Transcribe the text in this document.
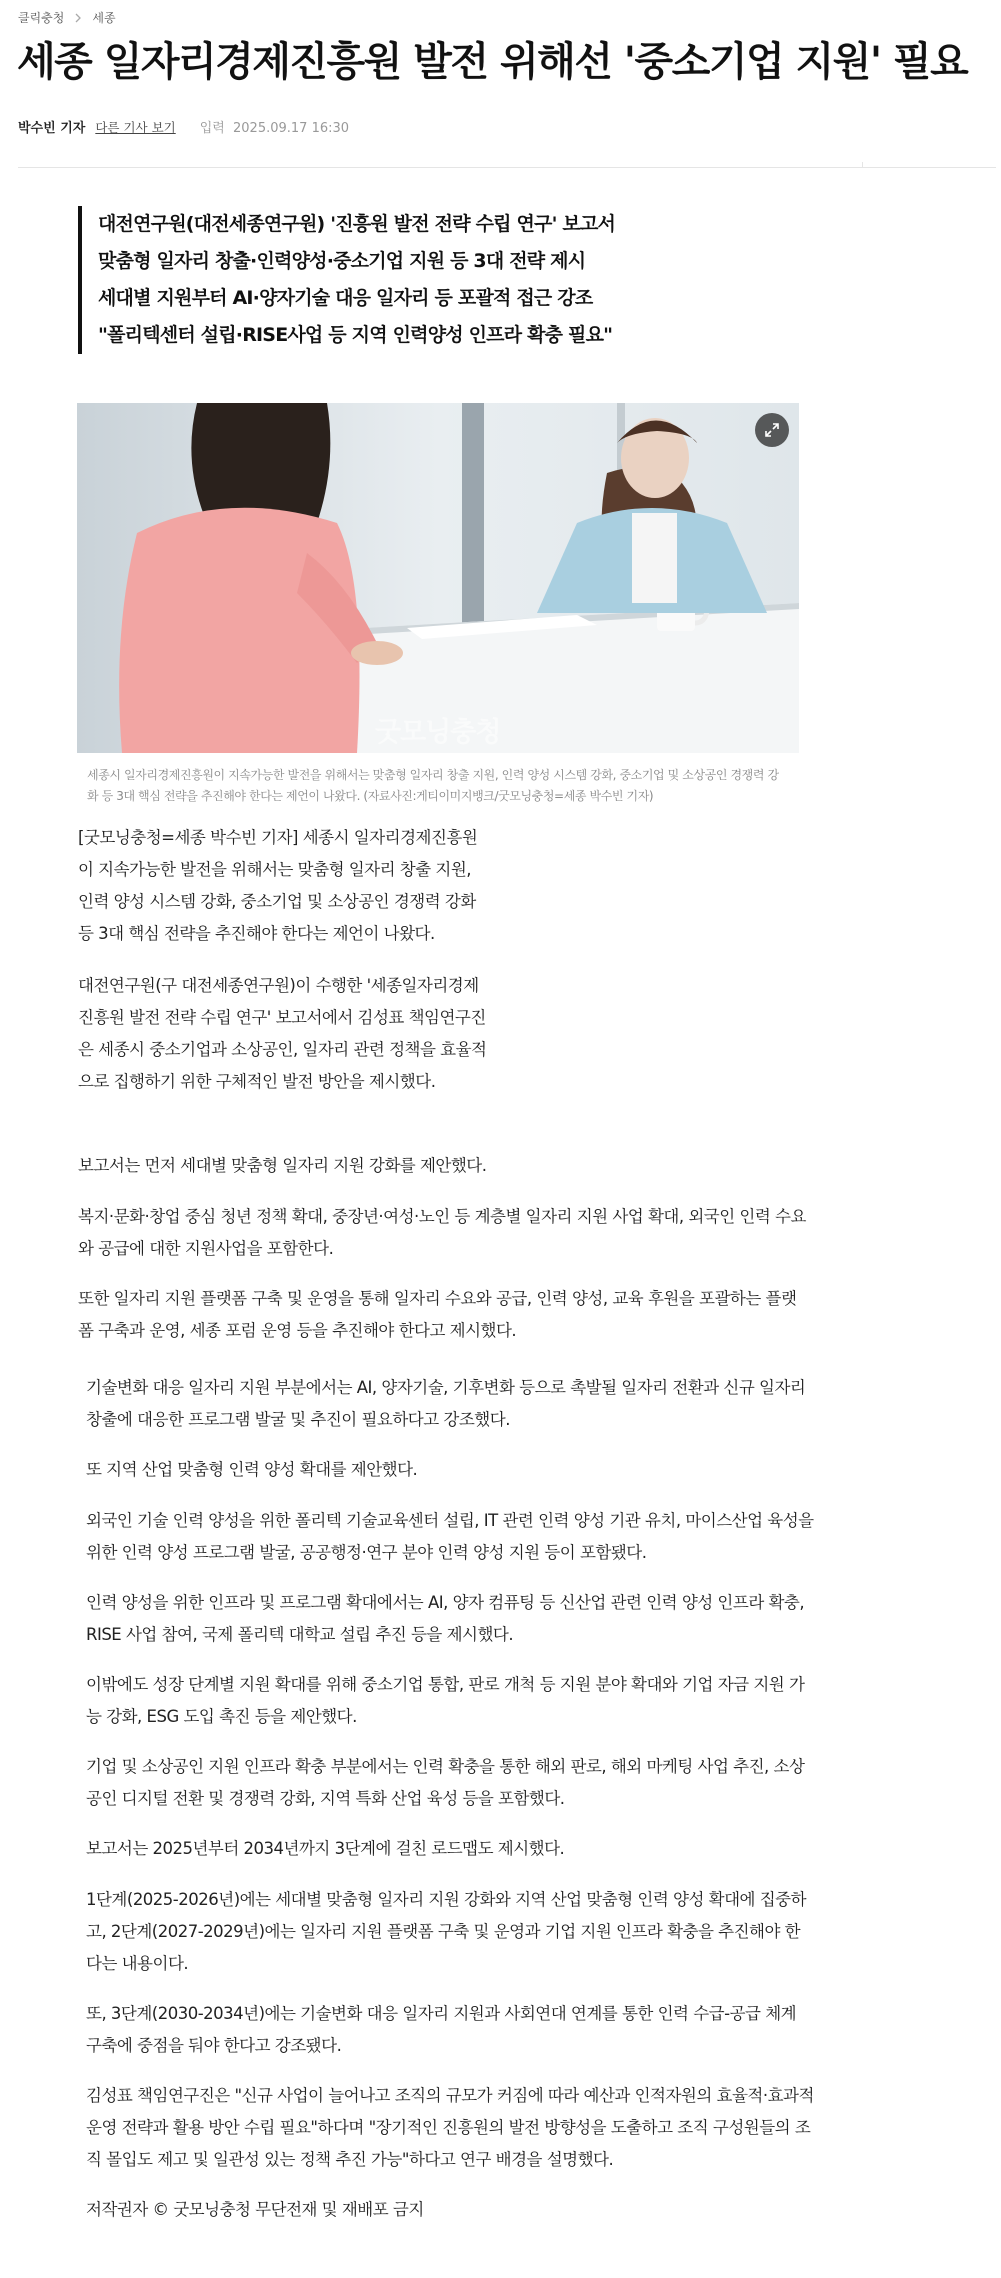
클릭충청 세종
세종 일자리경제진흥원 발전 위해선 '중소기업 지원' 필요
박수빈 기자 다른 기사 보기 입력 2025.09.17 16:30
대전연구원(대전세종연구원) '진흥원 발전 전략 수립 연구' 보고서
맞춤형 일자리 창출·인력양성·중소기업 지원 등 3대 전략 제시
세대별 지원부터 AI·양자기술 대응 일자리 등 포괄적 접근 강조
"폴리텍센터 설립·RISE사업 등 지역 인력양성 인프라 확충 필요"
굿모닝충청
세종시 일자리경제진흥원이 지속가능한 발전을 위해서는 맞춤형 일자리 창출 지원, 인력 양성 시스템 강화, 중소기업 및 소상공인 경쟁력 강화 등 3대 핵심 전략을 추진해야 한다는 제언이 나왔다. (자료사진:게티이미지뱅크/굿모닝충청=세종 박수빈 기자)

[굿모닝충청=세종 박수빈 기자] 세종시 일자리경제진흥원이 지속가능한 발전을 위해서는 맞춤형 일자리 창출 지원, 인력 양성 시스템 강화, 중소기업 및 소상공인 경쟁력 강화 등 3대 핵심 전략을 추진해야 한다는 제언이 나왔다.

대전연구원(구 대전세종연구원)이 수행한 '세종일자리경제진흥원 발전 전략 수립 연구' 보고서에서 김성표 책임연구진은 세종시 중소기업과 소상공인, 일자리 관련 정책을 효율적으로 집행하기 위한 구체적인 발전 방안을 제시했다.

보고서는 먼저 세대별 맞춤형 일자리 지원 강화를 제안했다.

복지·문화·창업 중심 청년 정책 확대, 중장년·여성·노인 등 계층별 일자리 지원 사업 확대, 외국인 인력 수요와 공급에 대한 지원사업을 포함한다.

또한 일자리 지원 플랫폼 구축 및 운영을 통해 일자리 수요와 공급, 인력 양성, 교육 후원을 포괄하는 플랫폼 구축과 운영, 세종 포럼 운영 등을 추진해야 한다고 제시했다.

기술변화 대응 일자리 지원 부분에서는 AI, 양자기술, 기후변화 등으로 촉발될 일자리 전환과 신규 일자리 창출에 대응한 프로그램 발굴 및 추진이 필요하다고 강조했다.

또 지역 산업 맞춤형 인력 양성 확대를 제안했다.

외국인 기술 인력 양성을 위한 폴리텍 기술교육센터 설립, IT 관련 인력 양성 기관 유치, 마이스산업 육성을 위한 인력 양성 프로그램 발굴, 공공행정·연구 분야 인력 양성 지원 등이 포함됐다.

인력 양성을 위한 인프라 및 프로그램 확대에서는 AI, 양자 컴퓨팅 등 신산업 관련 인력 양성 인프라 확충, RISE 사업 참여, 국제 폴리텍 대학교 설립 추진 등을 제시했다.

이밖에도 성장 단계별 지원 확대를 위해 중소기업 통합, 판로 개척 등 지원 분야 확대와 기업 자금 지원 가능 강화, ESG 도입 촉진 등을 제안했다.

기업 및 소상공인 지원 인프라 확충 부분에서는 인력 확충을 통한 해외 판로, 해외 마케팅 사업 추진, 소상공인 디지털 전환 및 경쟁력 강화, 지역 특화 산업 육성 등을 포함했다.

보고서는 2025년부터 2034년까지 3단계에 걸친 로드맵도 제시했다.

1단계(2025-2026년)에는 세대별 맞춤형 일자리 지원 강화와 지역 산업 맞춤형 인력 양성 확대에 집중하고, 2단계(2027-2029년)에는 일자리 지원 플랫폼 구축 및 운영과 기업 지원 인프라 확충을 추진해야 한다는 내용이다.

또, 3단계(2030-2034년)에는 기술변화 대응 일자리 지원과 사회연대 연계를 통한 인력 수급-공급 체계 구축에 중점을 둬야 한다고 강조됐다.

김성표 책임연구진은 "신규 사업이 늘어나고 조직의 규모가 커짐에 따라 예산과 인적자원의 효율적·효과적 운영 전략과 활용 방안 수립 필요"하다며 "장기적인 진흥원의 발전 방향성을 도출하고 조직 구성원들의 조직 몰입도 제고 및 일관성 있는 정책 추진 가능"하다고 연구 배경을 설명했다.

저작권자 © 굿모닝충청 무단전재 및 재배포 금지
